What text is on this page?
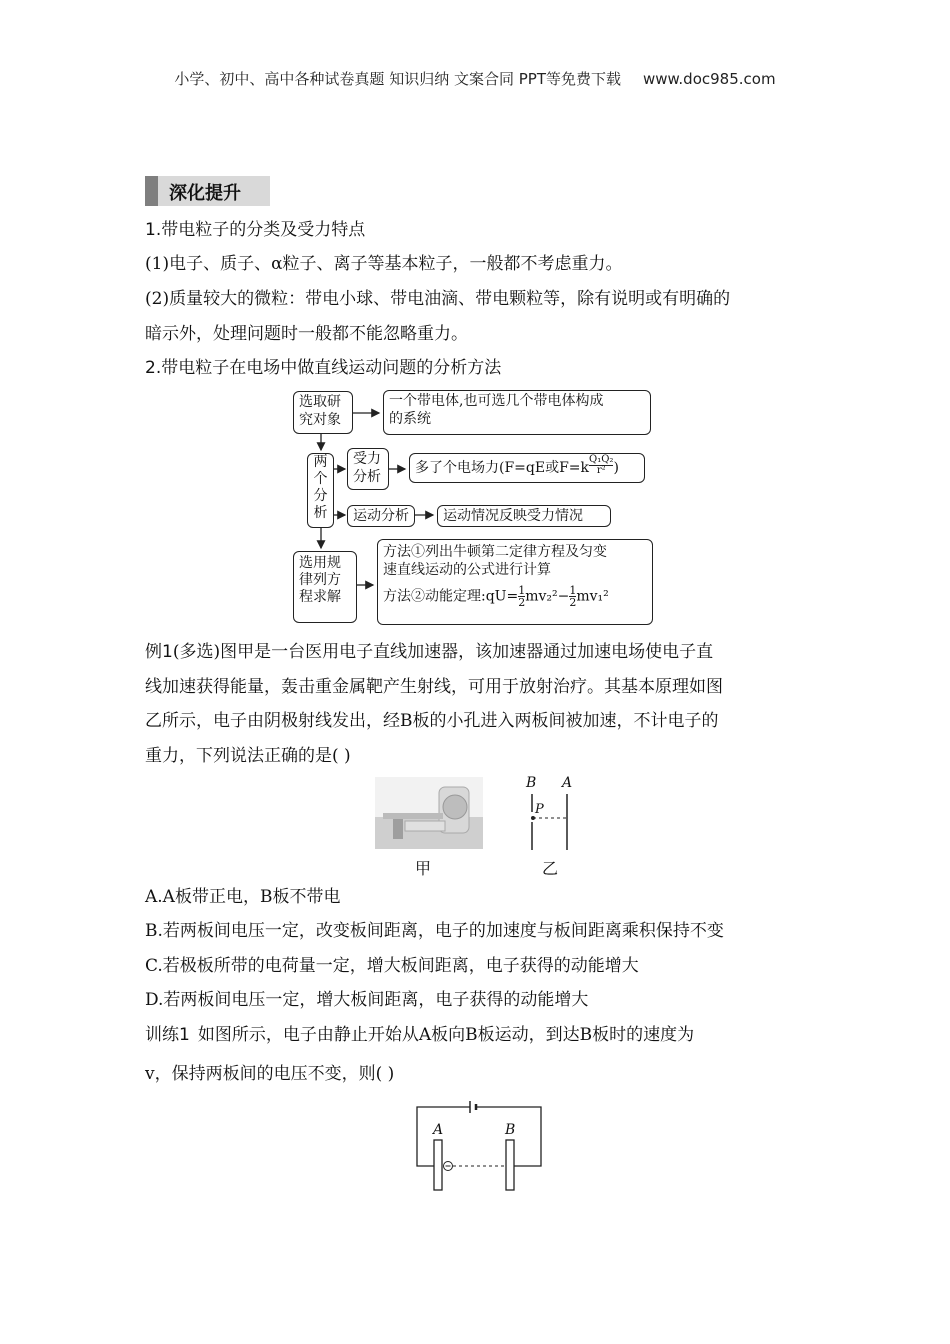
小学、初中、高中各种试卷真题 知识归纳 文案合同 PPT等免费下载 www.doc985.com
深化提升
1.带电粒子的分类及受力特点
(1)电子、质子、α粒子、离子等基本粒子，一般都不考虑重力。
(2)质量较大的微粒：带电小球、带电油滴、带电颗粒等，除有说明或有明确的
暗示外，处理问题时一般都不能忽略重力。
2.带电粒子在电场中做直线运动问题的分析方法
选取研
究对象
一个带电体,也可选几个带电体构成
的系统
两
个
分
析
受力
分析
多了个电场力(F=qE或$F=k \frac{\text{Q₁Q₂}}{\text{r²}}$ )
运动分析	运动情况反映受力情况
选用规
律列方
程求解
方法①列出牛顿第二定律方程及匀变
速直线运动的公式进行计算
方法②动能定理:qU= $\frac{1}{2} mv_2^2- \frac{1}{2} mv_1^2$
例1(多选)图甲是一台医用电子直线加速器，该加速器通过加速电场使电子直
线加速获得能量，轰击重金属靶产生射线，可用于放射治疗。其基本原理如图
乙所示，电子由阴极射线发出，经B板的小孔进入两板间被加速，不计电子的
重力，下列说法正确的是( )
甲
B A
P
乙
A.A板带正电，B板不带电
B.若两板间电压一定，改变板间距离，电子的加速度与板间距离乘积保持不变
C.若极板所带的电荷量一定，增大板间距离，电子获得的动能增大
D.若两板间电压一定，增大板间距离，电子获得的动能增大
训练1 如图所示，电子由静止开始从A板向B板运动，到达B板时的速度为
v，保持两板间的电压不变，则( )
A	B
